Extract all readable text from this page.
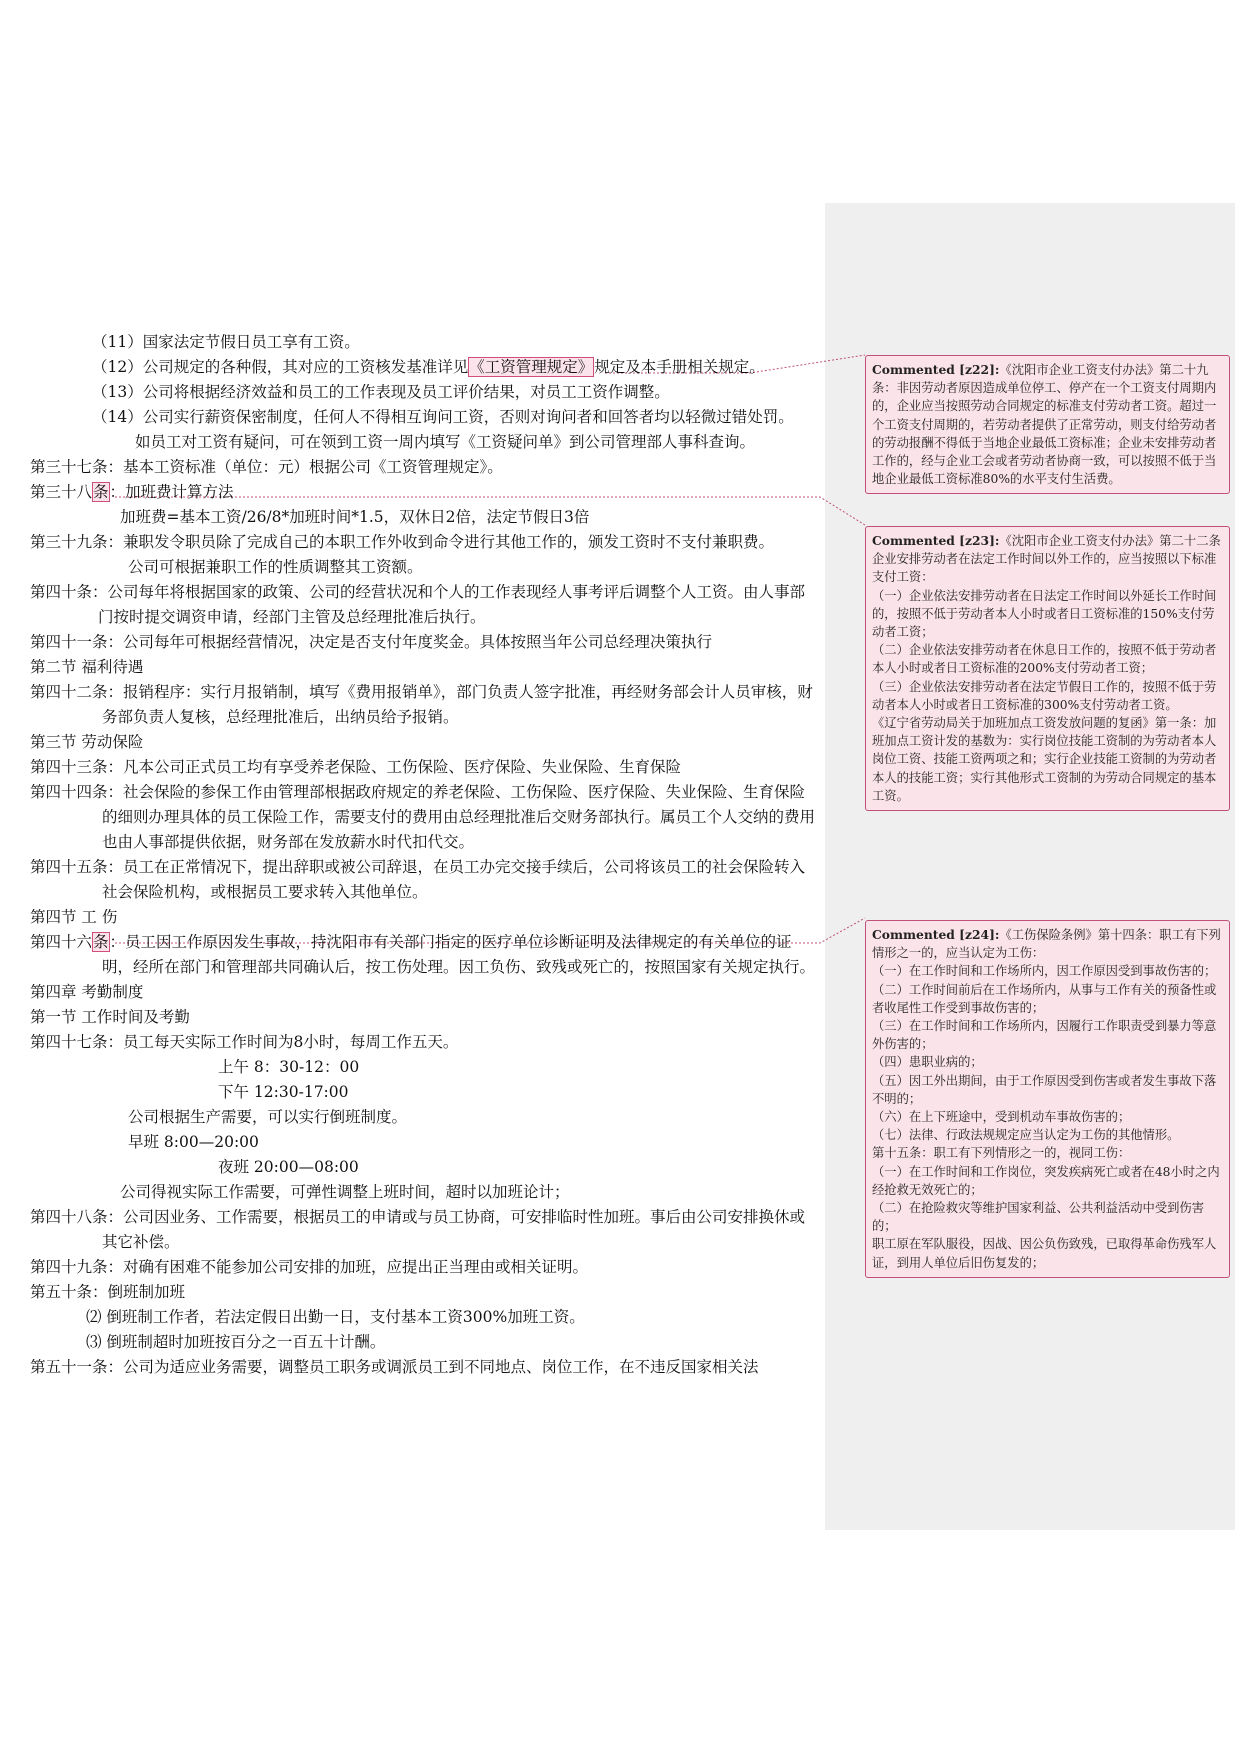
（11）国家法定节假日员工享有工资。
（12）公司规定的各种假，其对应的工资核发基准详见《工资管理规定》规定及本手册相关规定。
（13）公司将根据经济效益和员工的工作表现及员工评价结果，对员工工资作调整。
（14）公司实行薪资保密制度，任何人不得相互询问工资，否则对询问者和回答者均以轻微过错处罚。
如员工对工资有疑问，可在领到工资一周内填写《工资疑问单》到公司管理部人事科查询。
第三十七条：基本工资标准（单位：元）根据公司《工资管理规定》。
第三十八条：加班费计算方法
加班费=基本工资/26/8*加班时间*1.5，双休日2倍，法定节假日3倍
第三十九条：兼职发令职员除了完成自己的本职工作外收到命令进行其他工作的，颁发工资时不支付兼职费。
公司可根据兼职工作的性质调整其工资额。
第四十条：公司每年将根据国家的政策、公司的经营状况和个人的工作表现经人事考评后调整个人工资。由人事部门按时提交调资申请，经部门主管及总经理批准后执行。
第四十一条：公司每年可根据经营情况，决定是否支付年度奖金。具体按照当年公司总经理决策执行
第二节 福利待遇
第四十二条：报销程序：实行月报销制，填写《费用报销单》，部门负责人签字批准，再经财务部会计人员审核，财务部负责人复核，总经理批准后，出纳员给予报销。
第三节 劳动保险
第四十三条：凡本公司正式员工均有享受养老保险、工伤保险、医疗保险、失业保险、生育保险
第四十四条：社会保险的参保工作由管理部根据政府规定的养老保险、工伤保险、医疗保险、失业保险、生育保险的细则办理具体的员工保险工作，需要支付的费用由总经理批准后交财务部执行。属员工个人交纳的费用也由人事部提供依据，财务部在发放薪水时代扣代交。
第四十五条：员工在正常情况下，提出辞职或被公司辞退，在员工办完交接手续后，公司将该员工的社会保险转入社会保险机构，或根据员工要求转入其他单位。
第四节 工 伤
第四十六条：员工因工作原因发生事故，持沈阳市有关部门指定的医疗单位诊断证明及法律规定的有关单位的证明，经所在部门和管理部共同确认后，按工伤处理。因工负伤、致残或死亡的，按照国家有关规定执行。
第四章 考勤制度
第一节 工作时间及考勤
第四十七条：员工每天实际工作时间为8小时，每周工作五天。
上午 8：30-12：00
下午 12:30-17:00
公司根据生产需要，可以实行倒班制度。
早班 8:00—20:00
夜班 20:00—08:00
公司得视实际工作需要，可弹性调整上班时间，超时以加班论计；
第四十八条：公司因业务、工作需要，根据员工的申请或与员工协商，可安排临时性加班。事后由公司安排换休或其它补偿。
第四十九条：对确有困难不能参加公司安排的加班，应提出正当理由或相关证明。
第五十条：倒班制加班
⑵ 倒班制工作者，若法定假日出勤一日，支付基本工资300%加班工资。
⑶ 倒班制超时加班按百分之一百五十计酬。
第五十一条：公司为适应业务需要，调整员工职务或调派员工到不同地点、岗位工作，在不违反国家相关法

Commented [z22]:《沈阳市企业工资支付办法》第二十九条：非因劳动者原因造成单位停工、停产在一个工资支付周期内的，企业应当按照劳动合同规定的标准支付劳动者工资。超过一个工资支付周期的，若劳动者提供了正常劳动，则支付给劳动者的劳动报酬不得低于当地企业最低工资标准；企业未安排劳动者工作的，经与企业工会或者劳动者协商一致，可以按照不低于当地企业最低工资标准80%的水平支付生活费。

Commented [z23]:《沈阳市企业工资支付办法》第二十二条 企业安排劳动者在法定工作时间以外工作的，应当按照以下标准支付工资：

（一）企业依法安排劳动者在日法定工作时间以外延长工作时间的，按照不低于劳动者本人小时或者日工资标准的150%支付劳动者工资；

（二）企业依法安排劳动者在休息日工作的，按照不低于劳动者本人小时或者日工资标准的200%支付劳动者工资；

（三）企业依法安排劳动者在法定节假日工作的，按照不低于劳动者本人小时或者日工资标准的300%支付劳动者工资。

《辽宁省劳动局关于加班加点工资发放问题的复函》第一条：加班加点工资计发的基数为：实行岗位技能工资制的为劳动者本人岗位工资、技能工资两项之和；实行企业技能工资制的为劳动者本人的技能工资；实行其他形式工资制的为劳动合同规定的基本工资。

Commented [z24]:《工伤保险条例》第十四条：职工有下列情形之一的，应当认定为工伤：

（一）在工作时间和工作场所内，因工作原因受到事故伤害的；

（二）工作时间前后在工作场所内，从事与工作有关的预备性或者收尾性工作受到事故伤害的；

（三）在工作时间和工作场所内，因履行工作职责受到暴力等意外伤害的；

（四）患职业病的；

（五）因工外出期间，由于工作原因受到伤害或者发生事故下落不明的；

（六）在上下班途中，受到机动车事故伤害的；

（七）法律、行政法规规定应当认定为工伤的其他情形。

第十五条：职工有下列情形之一的，视同工伤：

（一）在工作时间和工作岗位，突发疾病死亡或者在48小时之内经抢救无效死亡的；

（二）在抢险救灾等维护国家利益、公共利益活动中受到伤害的；

职工原在军队服役，因战、因公负伤致残，已取得革命伤残军人证，到用人单位后旧伤复发的；
